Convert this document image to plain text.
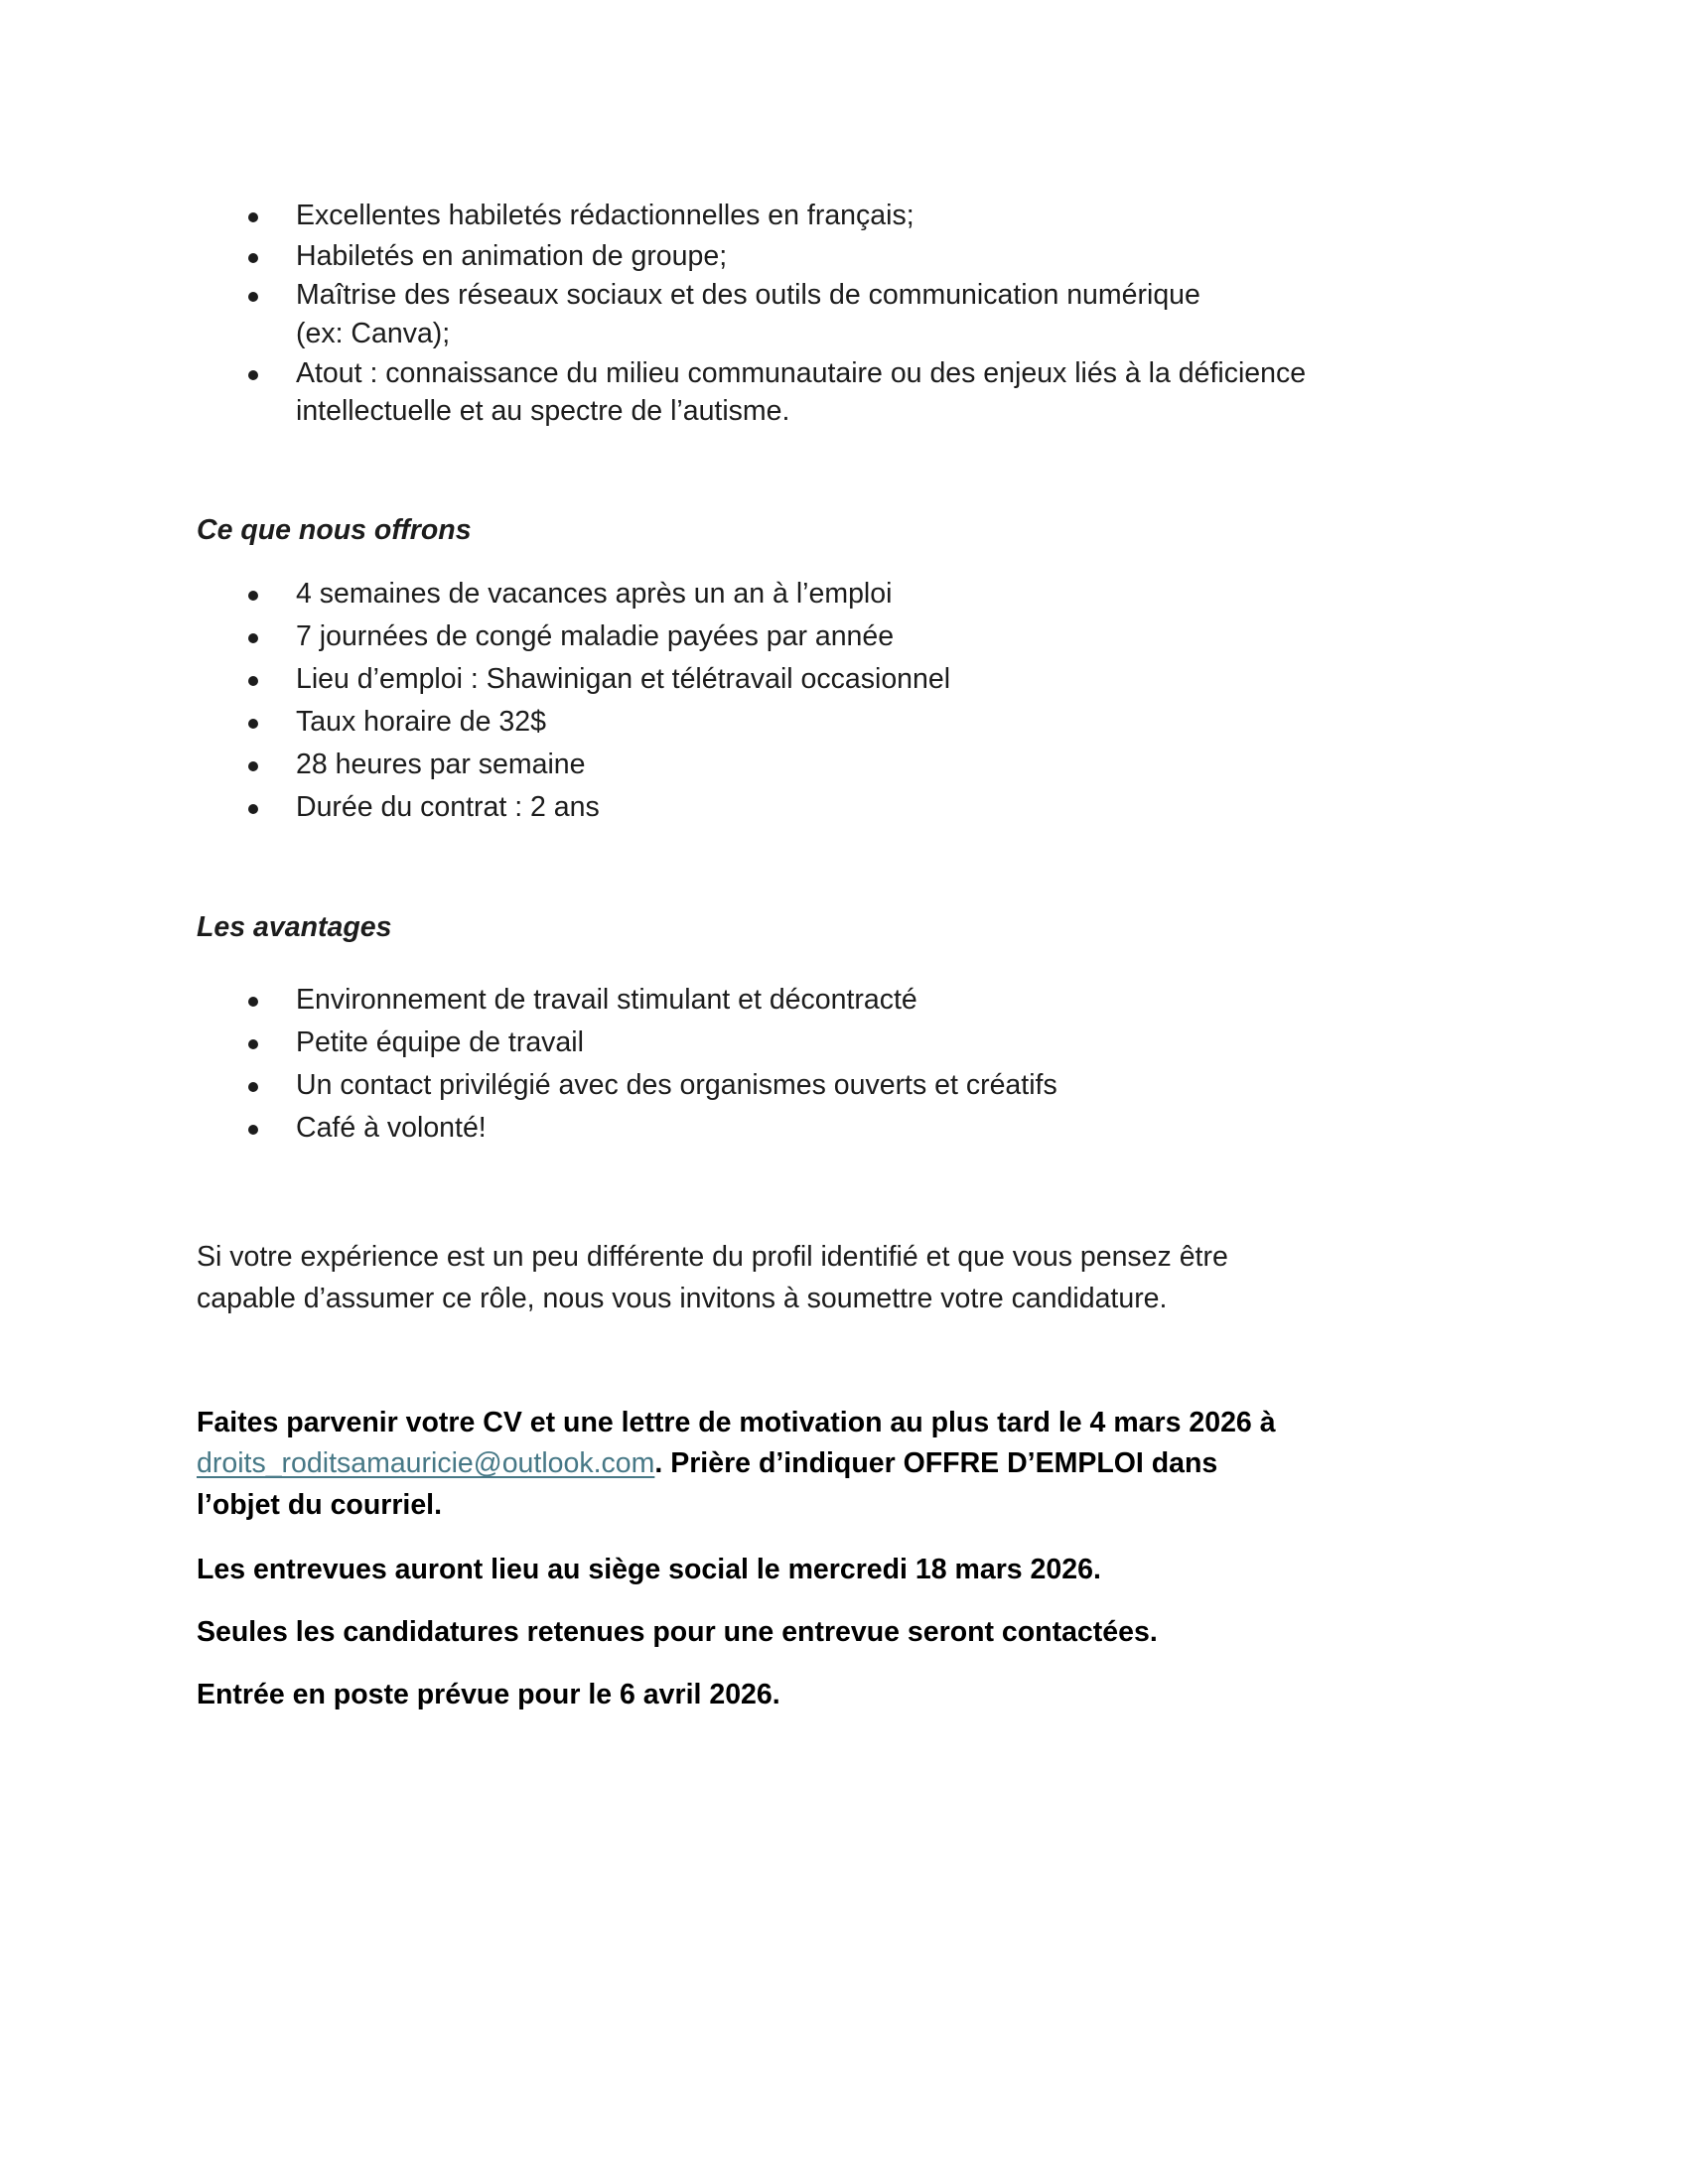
Excellentes habiletés rédactionnelles en français;
Habiletés en animation de groupe;
Maîtrise des réseaux sociaux et des outils de communication numérique
(ex: Canva);
Atout : connaissance du milieu communautaire ou des enjeux liés à la déficience
intellectuelle et au spectre de l’autisme.
Ce que nous offrons
4 semaines de vacances après un an à l’emploi
7 journées de congé maladie payées par année
Lieu d’emploi : Shawinigan et télétravail occasionnel
Taux horaire de 32$
28 heures par semaine
Durée du contrat : 2 ans
Les avantages
Environnement de travail stimulant et décontracté
Petite équipe de travail
Un contact privilégié avec des organismes ouverts et créatifs
Café à volonté!
Si votre expérience est un peu différente du profil identifié et que vous pensez être
capable d’assumer ce rôle, nous vous invitons à soumettre votre candidature.
Faites parvenir votre CV et une lettre de motivation au plus tard le 4 mars 2026 à
droits_roditsamauricie@outlook.com. Prière d’indiquer OFFRE D’EMPLOI dans
l’objet du courriel.
Les entrevues auront lieu au siège social le mercredi 18 mars 2026.
Seules les candidatures retenues pour une entrevue seront contactées.
Entrée en poste prévue pour le 6 avril 2026.
